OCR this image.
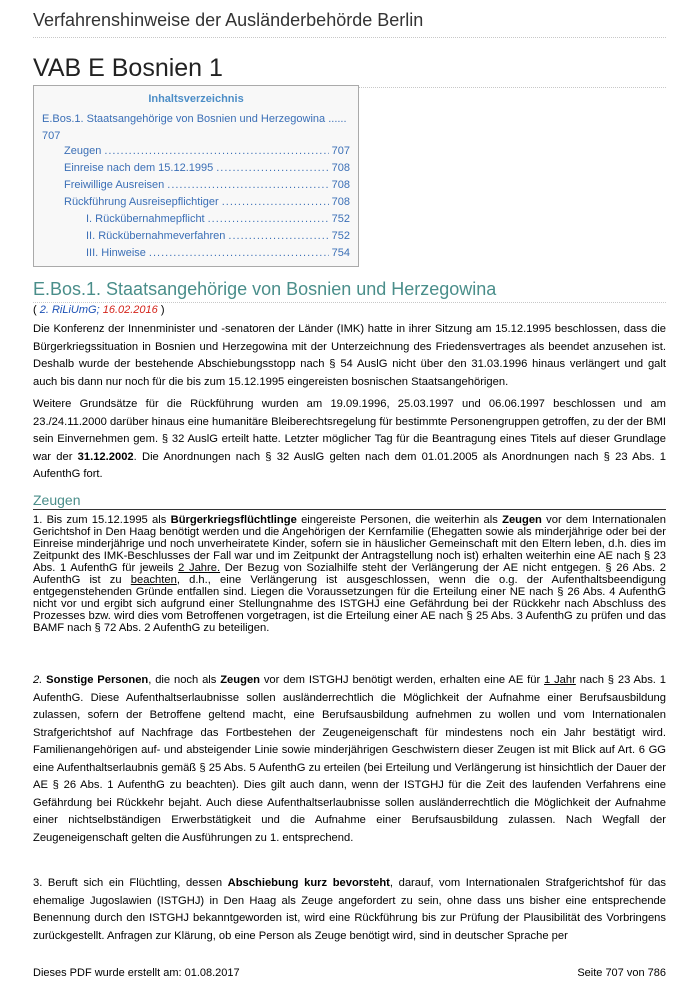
Verfahrenshinweise der Ausländerbehörde Berlin
VAB E Bosnien 1
Inhaltsverzeichnis
E.Bos.1. Staatsangehörige von Bosnien und Herzegowina ......
707
Zeugen .....	707
Einreise nach dem 15.12.1995 .....	708
Freiwillige Ausreisen .....	708
Rückführung Ausreisepflichtiger .....	708
I. Rückübernahmepflicht .....	752
II. Rückübernahmeverfahren .....	752
III. Hinweise .....	754
E.Bos.1. Staatsangehörige von Bosnien und Herzegowina
( 2. RiLiUmG; 16.02.2016 )
Die Konferenz der Innenminister und -senatoren der Länder (IMK) hatte in ihrer Sitzung am 15.12.1995 beschlossen, dass die Bürgerkriegssituation in Bosnien und Herzegowina mit der Unterzeichnung des Friedensvertrages als beendet anzusehen ist. Deshalb wurde der bestehende Abschiebungsstopp nach § 54 AuslG nicht über den 31.03.1996 hinaus verlängert und galt auch bis dann nur noch für die bis zum 15.12.1995 eingereisten bosnischen Staatsangehörigen.
Weitere Grundsätze für die Rückführung wurden am 19.09.1996, 25.03.1997 und 06.06.1997 beschlossen und am 23./24.11.2000 darüber hinaus eine humanitäre Bleiberechtsregelung für bestimmte Personengruppen getroffen, zu der der BMI sein Einvernehmen gem. § 32 AuslG erteilt hatte. Letzter möglicher Tag für die Beantragung eines Titels auf dieser Grundlage war der 31.12.2002. Die Anordnungen nach § 32 AuslG gelten nach dem 01.01.2005 als Anordnungen nach § 23 Abs. 1 AufenthG fort.
Zeugen
1. Bis zum 15.12.1995 als Bürgerkriegsflüchtlinge eingereiste Personen, die weiterhin als Zeugen vor dem Internationalen Gerichtshof in Den Haag benötigt werden und die Angehörigen der Kernfamilie (Ehegatten sowie als minderjährige oder bei der Einreise minderjährige und noch unverheiratete Kinder, sofern sie in häuslicher Gemeinschaft mit den Eltern leben, d.h. dies im Zeitpunkt des IMK-Beschlusses der Fall war und im Zeitpunkt der Antragstellung noch ist) erhalten weiterhin eine AE nach § 23 Abs. 1 AufenthG für jeweils 2 Jahre. Der Bezug von Sozialhilfe steht der Verlängerung der AE nicht entgegen. § 26 Abs. 2 AufenthG ist zu beachten, d.h., eine Verlängerung ist ausgeschlossen, wenn die o.g. der Aufenthaltsbeendigung entgegenstehenden Gründe entfallen sind. Liegen die Voraussetzungen für die Erteilung einer NE nach § 26 Abs. 4 AufenthG nicht vor und ergibt sich aufgrund einer Stellungnahme des ISTGHJ eine Gefährdung bei der Rückkehr nach Abschluss des Prozesses bzw. wird dies vom Betroffenen vorgetragen, ist die Erteilung einer AE nach § 25 Abs. 3 AufenthG zu prüfen und das BAMF nach § 72 Abs. 2 AufenthG zu beteiligen.
2. Sonstige Personen, die noch als Zeugen vor dem ISTGHJ benötigt werden, erhalten eine AE für 1 Jahr nach § 23 Abs. 1 AufenthG. Diese Aufenthaltserlaubnisse sollen ausländerrechtlich die Möglichkeit der Aufnahme einer Berufsausbildung zulassen, sofern der Betroffene geltend macht, eine Berufsausbildung aufnehmen zu wollen und vom Internationalen Strafgerichtshof auf Nachfrage das Fortbestehen der Zeugeneigenschaft für mindestens noch ein Jahr bestätigt wird. Familienangehörigen auf- und absteigender Linie sowie minderjährigen Geschwistern dieser Zeugen ist mit Blick auf Art. 6 GG eine Aufenthaltserlaubnis gemäß § 25 Abs. 5 AufenthG zu erteilen (bei Erteilung und Verlängerung ist hinsichtlich der Dauer der AE § 26 Abs. 1 AufenthG zu beachten). Dies gilt auch dann, wenn der ISTGHJ für die Zeit des laufenden Verfahrens eine Gefährdung bei Rückkehr bejaht. Auch diese Aufenthaltserlaubnisse sollen ausländerrechtlich die Möglichkeit der Aufnahme einer nichtselbständigen Erwerbstätigkeit und die Aufnahme einer Berufsausbildung zulassen. Nach Wegfall der Zeugeneigenschaft gelten die Ausführungen zu 1. entsprechend.
3. Beruft sich ein Flüchtling, dessen Abschiebung kurz bevorsteht, darauf, vom Internationalen Strafgerichtshof für das ehemalige Jugoslawien (ISTGHJ) in Den Haag als Zeuge angefordert zu sein, ohne dass uns bisher eine entsprechende Benennung durch den ISTGHJ bekanntgeworden ist, wird eine Rückführung bis zur Prüfung der Plausibilität des Vorbringens zurückgestellt. Anfragen zur Klärung, ob eine Person als Zeuge benötigt wird, sind in deutscher Sprache per
Dieses PDF wurde erstellt am: 01.08.2017	Seite 707 von 786
